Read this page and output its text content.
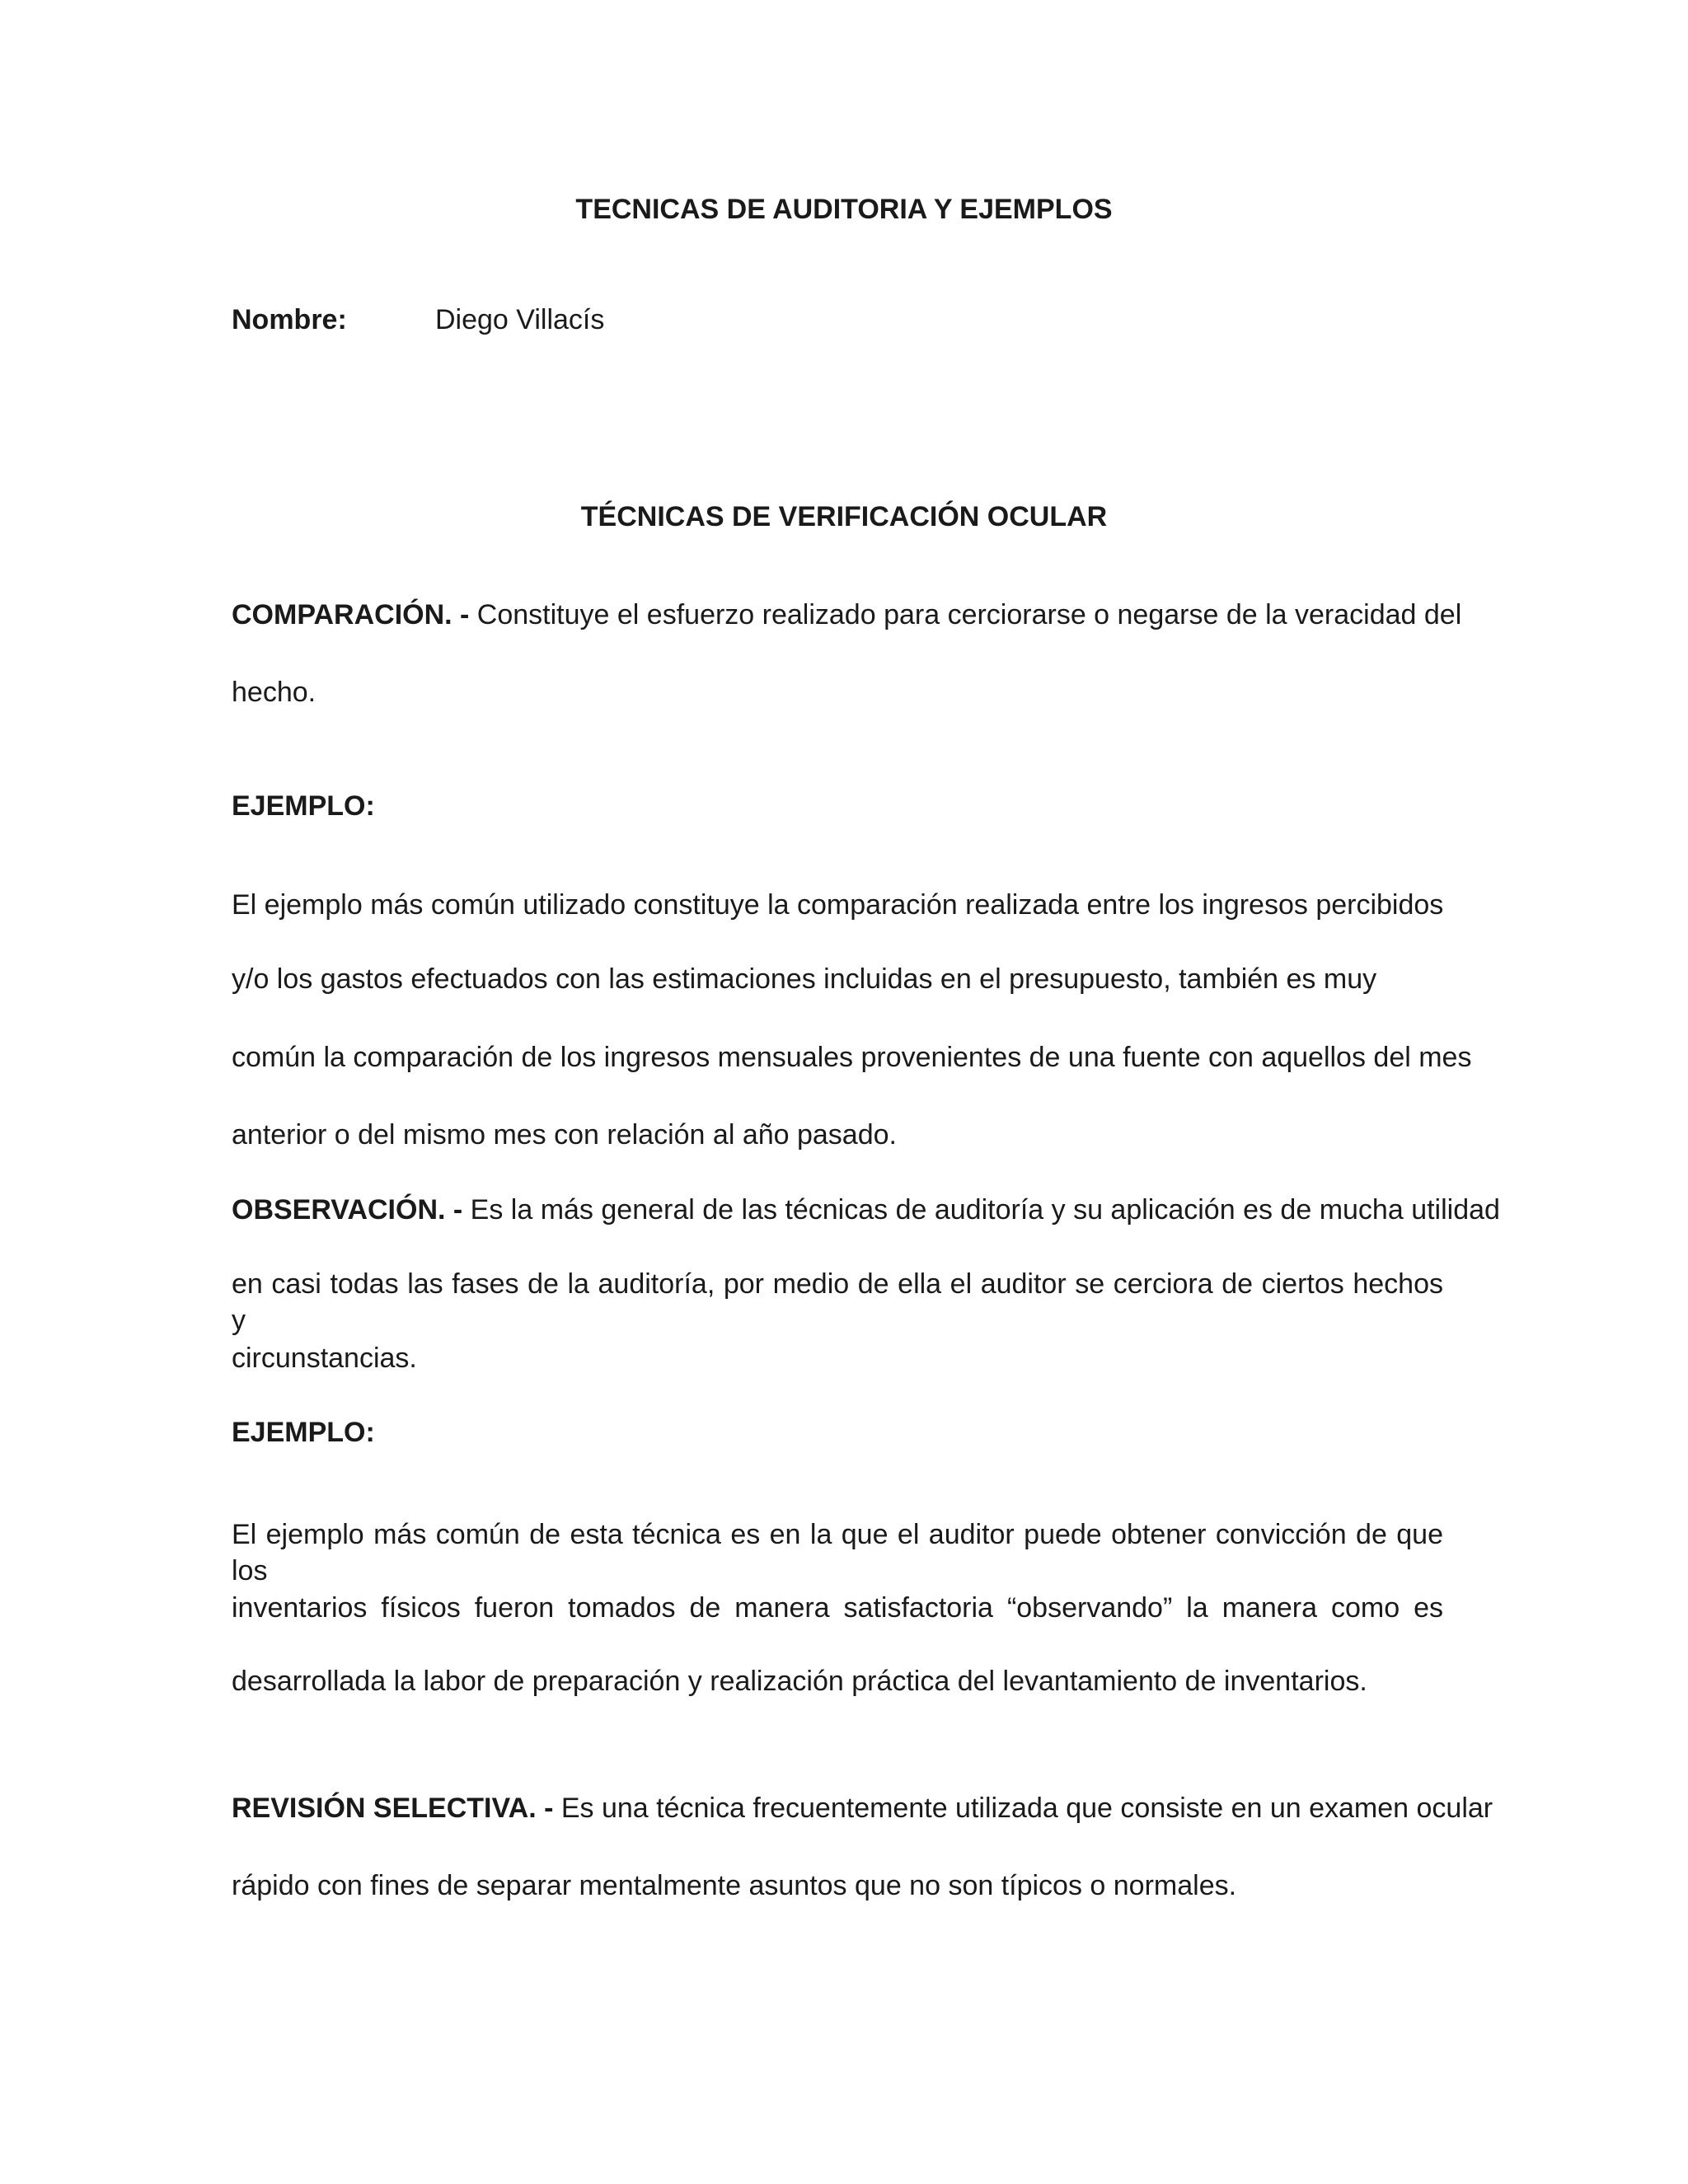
TECNICAS DE AUDITORIA Y EJEMPLOS

Nombre:	Diego Villacís

TÉCNICAS DE VERIFICACIÓN OCULAR

COMPARACIÓN. - Constituye el esfuerzo realizado para cerciorarse o negarse de la veracidad del

hecho.

EJEMPLO:

El ejemplo más común utilizado constituye la comparación realizada entre los ingresos percibidos

y/o los gastos efectuados con las estimaciones incluidas en el presupuesto, también es muy

común la comparación de los ingresos mensuales provenientes de una fuente con aquellos del mes

anterior o del mismo mes con relación al año pasado.

OBSERVACIÓN. - Es la más general de las técnicas de auditoría y su aplicación es de mucha utilidad

en casi todas las fases de la auditoría, por medio de ella el auditor se cerciora de ciertos hechos y

circunstancias.

EJEMPLO:

El ejemplo más común de esta técnica es en la que el auditor puede obtener convicción de que los

inventarios físicos fueron tomados de manera satisfactoria “observando” la manera como es

desarrollada la labor de preparación y realización práctica del levantamiento de inventarios.

REVISIÓN SELECTIVA. - Es una técnica frecuentemente utilizada que consiste en un examen ocular

rápido con fines de separar mentalmente asuntos que no son típicos o normales.
